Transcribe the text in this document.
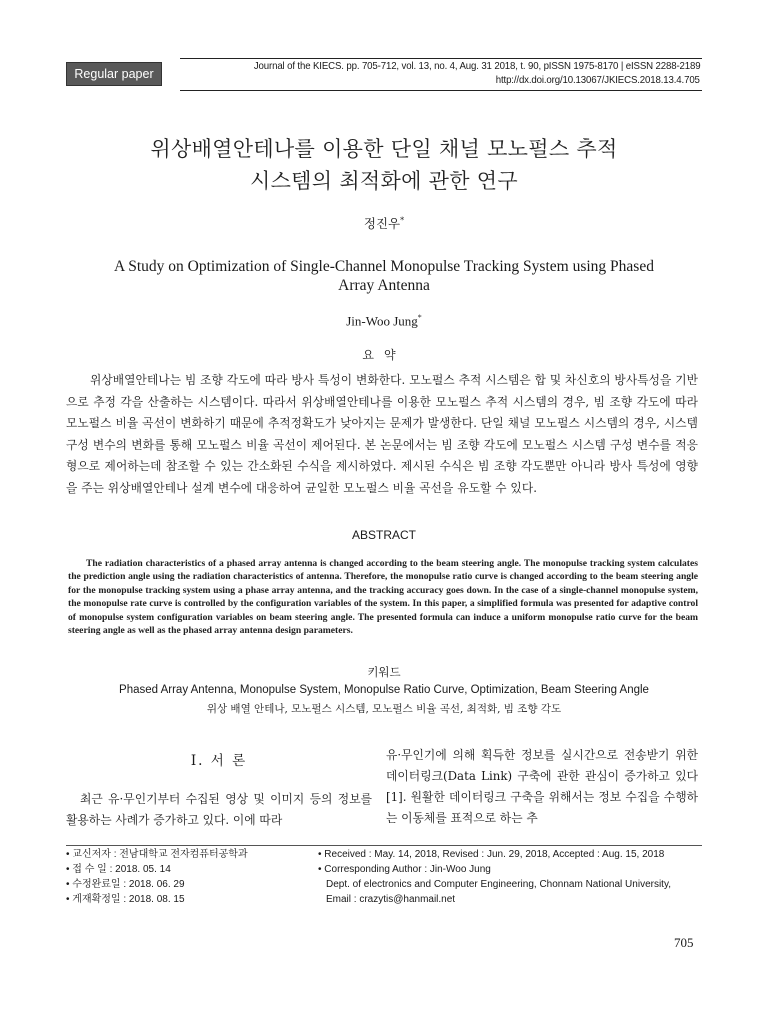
Regular paper
Journal of the KIECS. pp. 705-712, vol. 13, no. 4, Aug. 31 2018, t. 90, pISSN 1975-8170 | eISSN 2288-2189
http://dx.doi.org/10.13067/JKIECS.2018.13.4.705
위상배열안테나를 이용한 단일 채널 모노펄스 추적
시스템의 최적화에 관한 연구
정진우*
A Study on Optimization of Single-Channel Monopulse Tracking System using Phased
Array Antenna
Jin-Woo Jung*
요약
위상배열안테나는 빔 조향 각도에 따라 방사 특성이 변화한다. 모노펄스 추적 시스템은 합 및 차신호의 방사특성을 기반으로 추정 각을 산출하는 시스템이다. 따라서 위상배열안테나를 이용한 모노펄스 추적 시스템의 경우, 빔 조향 각도에 따라 모노펄스 비율 곡선이 변화하기 때문에 추적정확도가 낮아지는 문제가 발생한다. 단일 채널 모노펄스 시스템의 경우, 시스템 구성 변수의 변화를 통해 모노펄스 비율 곡선이 제어된다. 본 논문에서는 빔 조향 각도에 모노펄스 시스템 구성 변수를 적응형으로 제어하는데 참조할 수 있는 간소화된 수식을 제시하였다. 제시된 수식은 빔 조향 각도뿐만 아니라 방사 특성에 영향을 주는 위상배열안테나 설계 변수에 대응하여 균일한 모노펄스 비율 곡선을 유도할 수 있다.
ABSTRACT
The radiation characteristics of a phased array antenna is changed according to the beam steering angle. The monopulse tracking system calculates the prediction angle using the radiation characteristics of antenna. Therefore, the monopulse ratio curve is changed according to the beam steering angle for the monopulse tracking system using a phase array antenna, and the tracking accuracy goes down. In the case of a single-channel monopulse system, the monopulse rate curve is controlled by the configuration variables of the system. In this paper, a simplified formula was presented for adaptive control of monopulse system configuration variables on beam steering angle. The presented formula can induce a uniform monopulse ratio curve for the beam steering angle as well as the phased array antenna design parameters.
키워드
Phased Array Antenna, Monopulse System, Monopulse Ratio Curve, Optimization, Beam Steering Angle
위상 배열 안테나, 모노펄스 시스템, 모노펄스 비율 곡선, 최적화, 빔 조향 각도
Ⅰ. 서 론
최근 유·무인기부터 수집된 영상 및 이미지 등의 정보를 활용하는 사례가 증가하고 있다. 이에 따라
유·무인기에 의해 획득한 정보를 실시간으로 전송받기 위한 데이터링크(Data Link) 구축에 관한 관심이 증가하고 있다[1]. 원활한 데이터링크 구축을 위해서는 정보 수집을 수행하는 이동체를 표적으로 하는 추
• 교신저자 : 전남대학교 전자컴퓨터공학과
• 접 수 일 : 2018. 05. 14
• 수정완료일 : 2018. 06. 29
• 게재확정일 : 2018. 08. 15
• Received : May. 14, 2018, Revised : Jun. 29, 2018, Accepted : Aug. 15, 2018
• Corresponding Author : Jin-Woo Jung
Dept. of electronics and Computer Engineering, Chonnam National University,
Email : crazytis@hanmail.net
705
